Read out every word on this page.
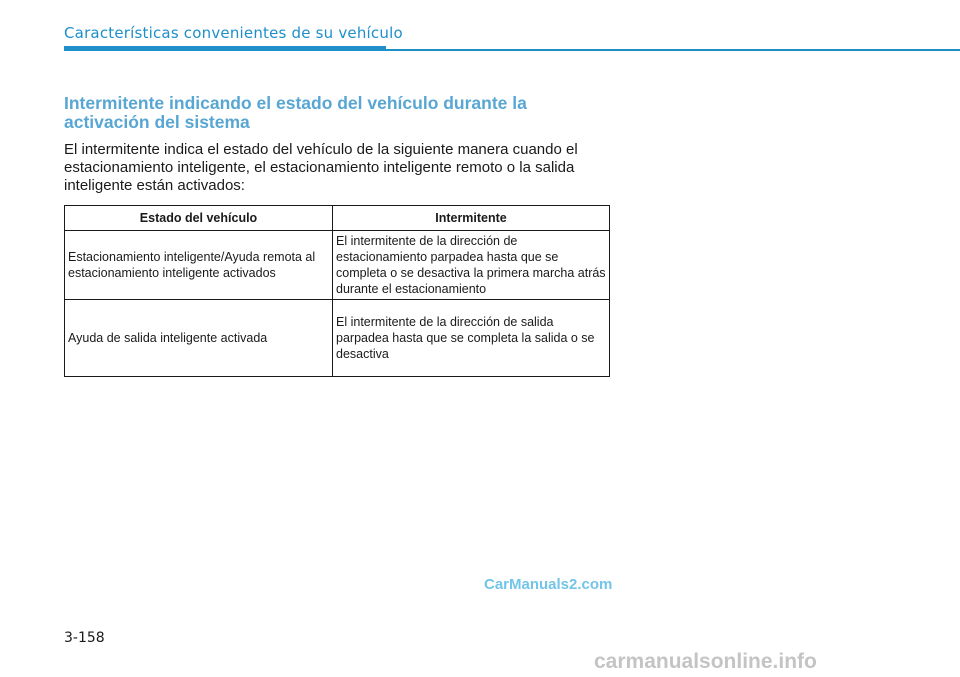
Características convenientes de su vehículo
Intermitente indicando el estado del vehículo durante la activación del sistema
El intermitente indica el estado del vehículo de la siguiente manera cuando el estacionamiento inteligente, el estacionamiento inteligente remoto o la salida inteligente están activados:
Estado del vehículo	Intermitente
Estacionamiento inteligente/Ayuda remota al estacionamiento inteligente activados	El intermitente de la dirección de estacionamiento parpadea hasta que se completa o se desactiva la primera marcha atrás durante el estacionamiento
Ayuda de salida inteligente activada	El intermitente de la dirección de salida parpadea hasta que se completa la salida o se desactiva
CarManuals2.com
3-158
carmanualsonline.info
